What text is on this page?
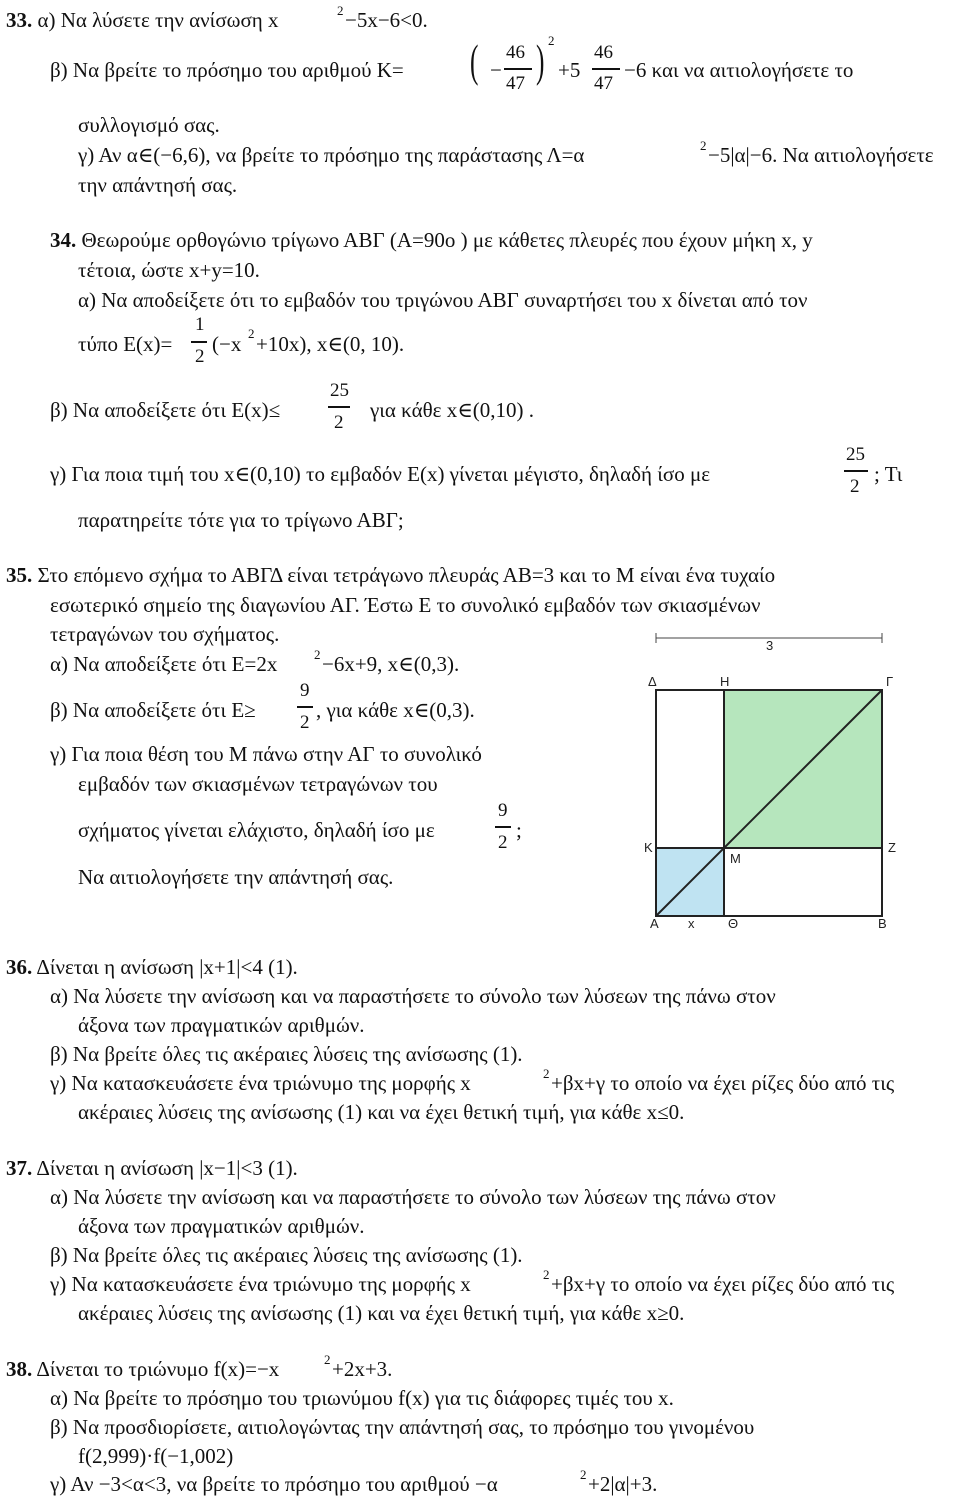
33. α) Να λύσετε την ανίσωση x	2 −5x−6<0.
β) Να βρείτε το πρόσημο του αριθμού Κ= ( −
46
47 ) 2
+5
46
47
−6 και να αιτιολογήσετε το
συλλογισμό σας.
γ) Αν α∈(−6,6), να βρείτε το πρόσημο της παράστασης Λ=α	2 −5|α|−6. Να αιτιολογήσετε
την απάντησή σας.
34. Θεωρούμε ορθογώνιο τρίγωνο ΑΒΓ (Α=90ο ) με κάθετες πλευρές που έχουν μήκη x, y
τέτοια, ώστε x+y=10.
α) Να αποδείξετε ότι το εμβαδόν του τριγώνου ΑΒΓ συναρτήσει του x δίνεται από τον
τύπο Ε(x)=
1
2
(−x 2 +10x), x∈(0, 10).
β) Να αποδείξετε ότι Ε(x)≤
25
2
για κάθε x∈(0,10) .
γ) Για ποια τιμή του x∈(0,10) το εμβαδόν Ε(x) γίνεται μέγιστο, δηλαδή ίσο με
25
2
; Τι
παρατηρείτε τότε για το τρίγωνο ΑΒΓ;
35. Στο επόμενο σχήμα το ΑΒΓΔ είναι τετράγωνο πλευράς ΑΒ=3 και το Μ είναι ένα τυχαίο
εσωτερικό σημείο της διαγωνίου ΑΓ. Έστω Ε το συνολικό εμβαδόν των σκιασμένων
τετραγώνων του σχήματος.
α) Να αποδείξετε ότι Ε=2x	2 −6x+9, x∈(0,3).
β) Να αποδείξετε ότι Ε≥
9
2
, για κάθε x∈(0,3).
γ) Για ποια θέση του Μ πάνω στην ΑΓ το συνολικό
εμβαδόν των σκιασμένων τετραγώνων του
σχήματος γίνεται ελάχιστο, δηλαδή ίσο με
9
2
;
Να αιτιολογήσετε την απάντησή σας.
3
Δ	Η	Γ
Κ
Μ
Ζ
Α x	Θ	Β
36. Δίνεται η ανίσωση |x+1|<4 (1).
α) Να λύσετε την ανίσωση και να παραστήσετε το σύνολο των λύσεων της πάνω στον
άξονα των πραγματικών αριθμών.
β) Να βρείτε όλες τις ακέραιες λύσεις της ανίσωσης (1).
γ) Να κατασκευάσετε ένα τριώνυμο της μορφής x	2 +βx+γ το οποίο να έχει ρίζες δύο από τις
ακέραιες λύσεις της ανίσωσης (1) και να έχει θετική τιμή, για κάθε x≤0.
37. Δίνεται η ανίσωση |x−1|<3 (1).
α) Να λύσετε την ανίσωση και να παραστήσετε το σύνολο των λύσεων της πάνω στον
άξονα των πραγματικών αριθμών.
β) Να βρείτε όλες τις ακέραιες λύσεις της ανίσωσης (1).
γ) Να κατασκευάσετε ένα τριώνυμο της μορφής x	2 +βx+γ το οποίο να έχει ρίζες δύο από τις
ακέραιες λύσεις της ανίσωσης (1) και να έχει θετική τιμή, για κάθε x≥0.
38. Δίνεται το τριώνυμο f(x)=−x	2 +2x+3.
α) Να βρείτε το πρόσημο του τριωνύμου f(x) για τις διάφορες τιμές του x.
β) Να προσδιορίσετε, αιτιολογώντας την απάντησή σας, το πρόσημο του γινομένου
f(2,999)·f(−1,002)
γ) Αν −3<α<3, να βρείτε το πρόσημο του αριθμού −α	2 +2|α|+3.
